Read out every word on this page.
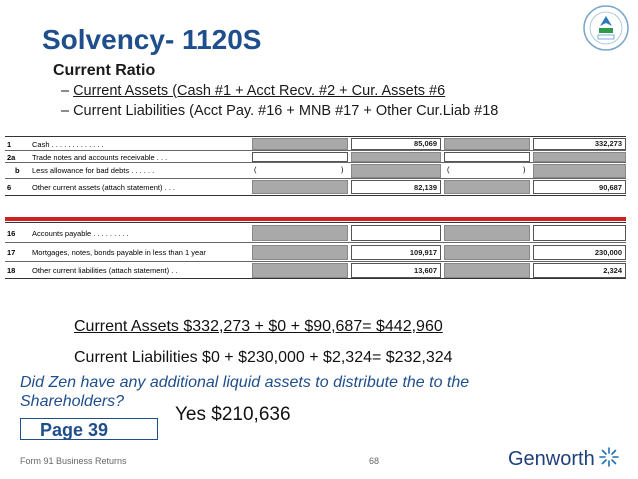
Solvency- 1120S
Current Ratio
– Current Assets (Cash #1 + Acct Recv. #2 + Cur. Assets #6
– Current Liabilities (Acct Pay. #16 + MNB #17 + Other Cur.Liab #18
1	Cash . . . . . . . . . . . . .	85,069	332,273
2a Trade notes and accounts receivable . . .
b Less allowance for bad debts . . . . . .	(	)	(	)
6	Other current assets (attach statement) . . .	82,139	90,687
16 Accounts payable . . . . . . . . .
17 Mortgages, notes, bonds payable in less than 1 year	109,917	230,000
18 Other current liabilities (attach statement) . .	13,607	2,324
Current Assets $332,273 + $0 + $90,687= $442,960
Current Liabilities $0 + $230,000 + $2,324= $232,324
Did Zen have any additional liquid assets to distribute the to the Shareholders?
Yes $210,636
Page 39
Form 91 Business Returns	68	Genworth
